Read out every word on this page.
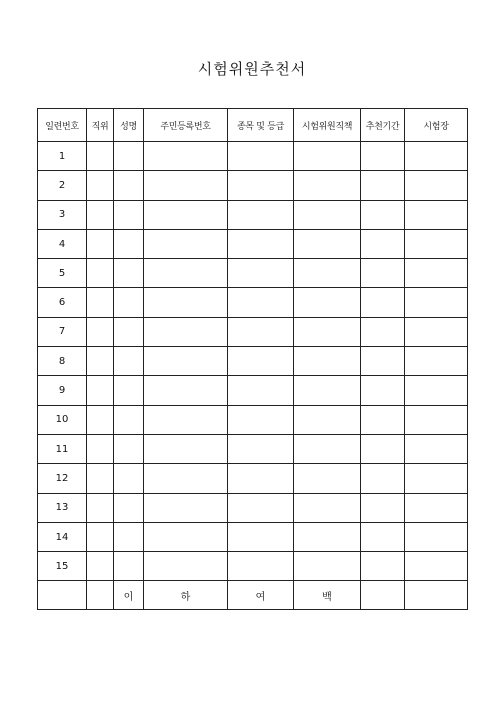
시험위원추천서
일련번호	직위	성명	주민등록번호	종목 및 등급	시험위원직책	추천기간	시험장
1							
2							
3							
4							
5							
6							
7							
8							
9							
10							
11							
12							
13							
14							
15							
		이	하	여	백		
